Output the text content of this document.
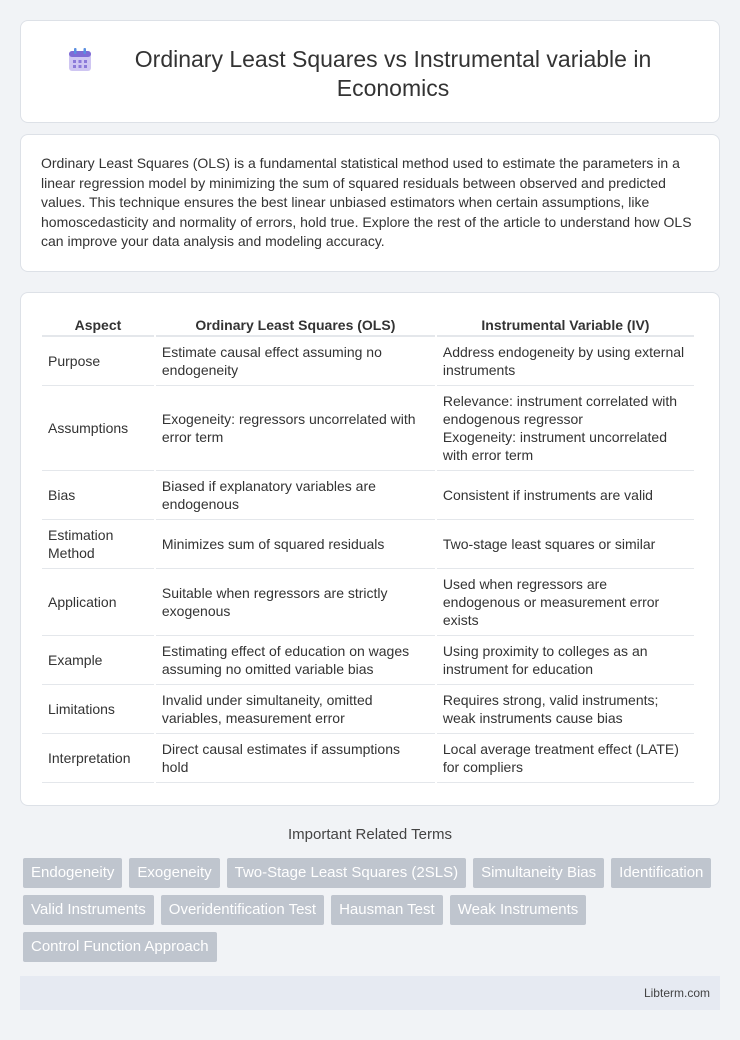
Ordinary Least Squares vs Instrumental variable in Economics

Ordinary Least Squares (OLS) is a fundamental statistical method used to estimate the parameters in a linear regression model by minimizing the sum of squared residuals between observed and predicted values. This technique ensures the best linear unbiased estimators when certain assumptions, like homoscedasticity and normality of errors, hold true. Explore the rest of the article to understand how OLS can improve your data analysis and modeling accuracy.

Aspect	Ordinary Least Squares (OLS)	Instrumental Variable (IV)
Purpose	Estimate causal effect assuming no endogeneity	Address endogeneity by using external instruments
Assumptions	Exogeneity: regressors uncorrelated with error term	Relevance: instrument correlated with endogenous regressor
Exogeneity: instrument uncorrelated with error term
Bias	Biased if explanatory variables are endogenous	Consistent if instruments are valid
Estimation Method	Minimizes sum of squared residuals	Two-stage least squares or similar
Application	Suitable when regressors are strictly exogenous	Used when regressors are endogenous or measurement error exists
Example	Estimating effect of education on wages assuming no omitted variable bias	Using proximity to colleges as an instrument for education
Limitations	Invalid under simultaneity, omitted variables, measurement error	Requires strong, valid instruments; weak instruments cause bias
Interpretation	Direct causal estimates if assumptions hold	Local average treatment effect (LATE) for compliers
Important Related Terms
Endogeneity	Exogeneity	Two-Stage Least Squares (2SLS)	Simultaneity Bias	Identification
Valid Instruments	Overidentification Test	Hausman Test	Weak Instruments
Control Function Approach
Libterm.com
